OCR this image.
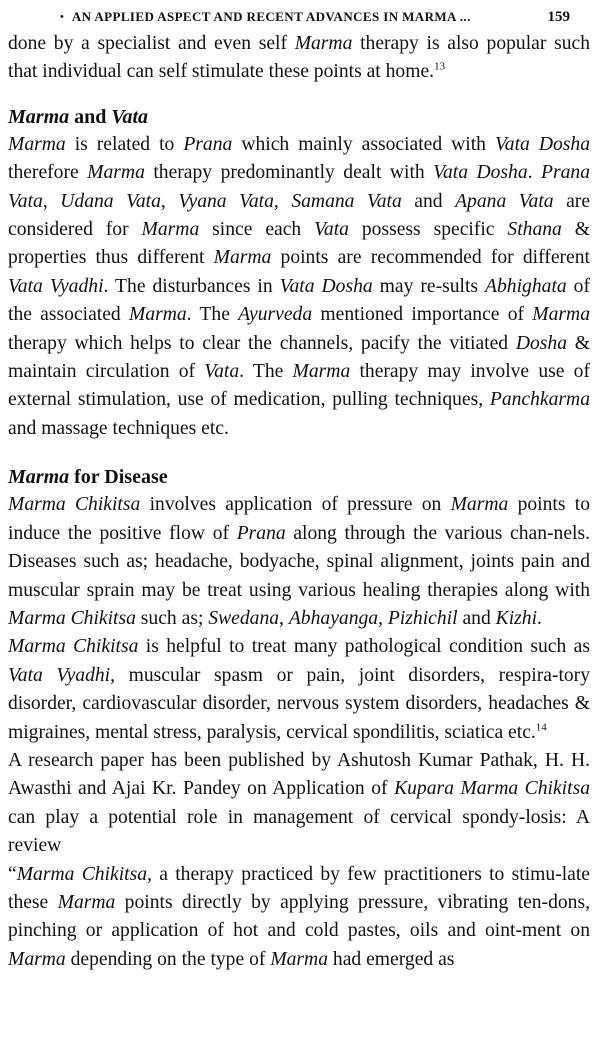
• AN APPLIED ASPECT AND RECENT ADVANCES IN MARMA ...	159

done by a specialist and even self Marma therapy is also popular such that individual can self stimulate these points at home.$^{13}$

Marma and Vata

Marma is related to Prana which mainly associated with Vata Dosha therefore Marma therapy predominantly dealt with Vata Dosha. Prana Vata, Udana Vata, Vyana Vata, Samana Vata and Apana Vata are considered for Marma since each Vata possess specific Sthana & properties thus different Marma points are recommended for different Vata Vyadhi. The disturbances in Vata Dosha may re-sults Abhighata of the associated Marma. The Ayurveda mentioned importance of Marma therapy which helps to clear the channels, pacify the vitiated Dosha & maintain circulation of Vata. The Marma therapy may involve use of external stimulation, use of medication, pulling techniques, Panchkarma and massage techniques etc.

Marma for Disease

Marma Chikitsa involves application of pressure on Marma points to induce the positive flow of Prana along through the various chan-nels. Diseases such as; headache, bodyache, spinal alignment, joints pain and muscular sprain may be treat using various healing therapies along with Marma Chikitsa such as; Swedana, Abhayanga, Pizhichil and Kizhi.

Marma Chikitsa is helpful to treat many pathological condition such as Vata Vyadhi, muscular spasm or pain, joint disorders, respira-tory disorder, cardiovascular disorder, nervous system disorders, headaches & migraines, mental stress, paralysis, cervical spondilitis, sciatica etc.$^{14}$

A research paper has been published by Ashutosh Kumar Pathak, H. H. Awasthi and Ajai Kr. Pandey on Application of Kupara Marma Chikitsa can play a potential role in management of cervical spondy-losis: A review

“Marma Chikitsa, a therapy practiced by few practitioners to stimu-late these Marma points directly by applying pressure, vibrating ten-dons, pinching or application of hot and cold pastes, oils and oint-ment on Marma depending on the type of Marma had emerged as
